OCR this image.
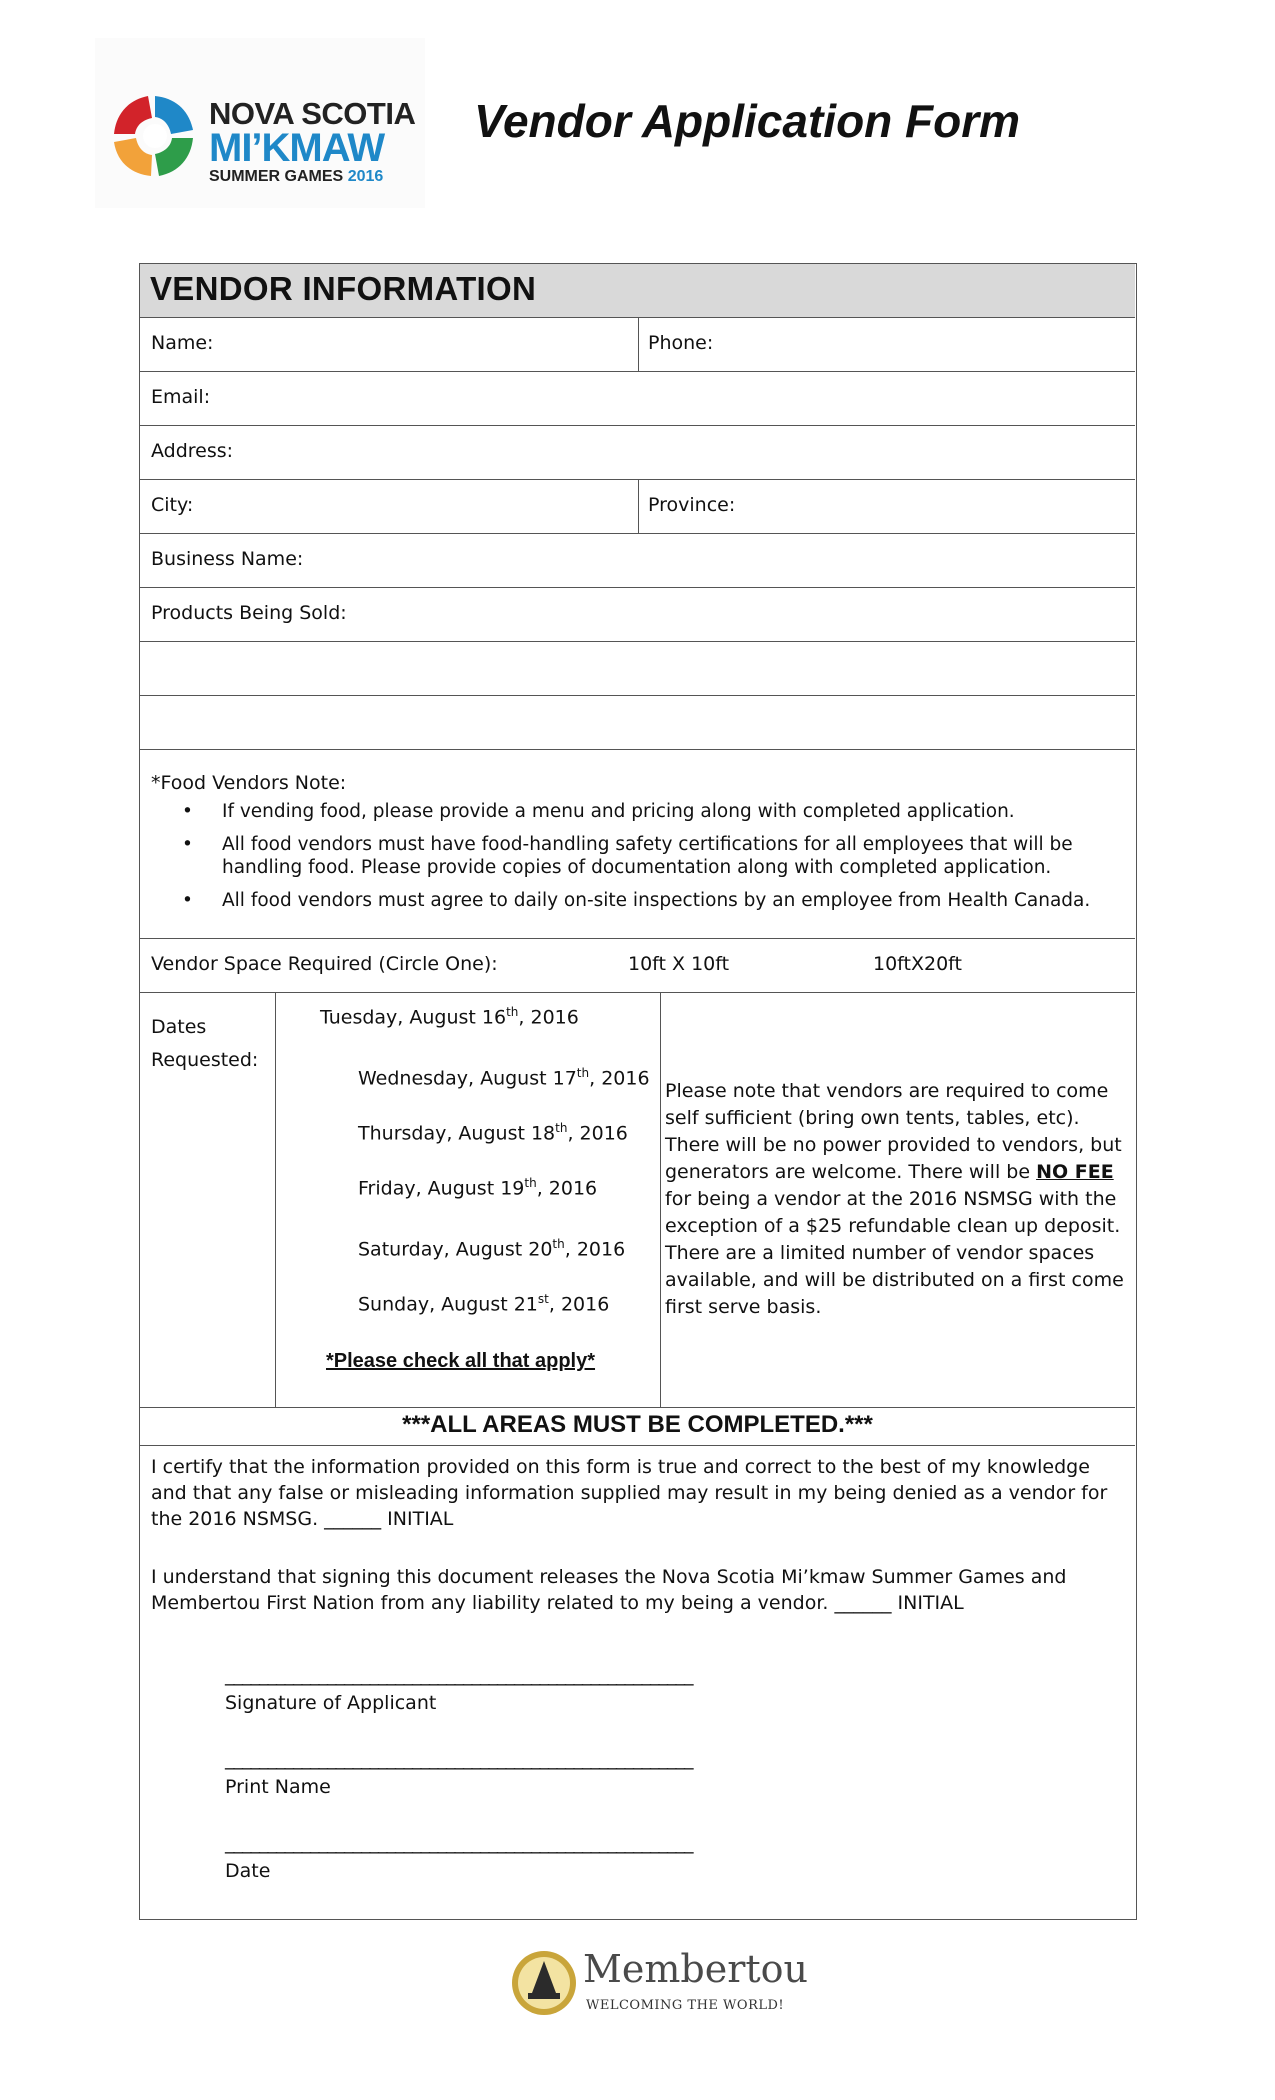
NOVA SCOTIA
MI’KMAW
SUMMER GAMES 2016
Vendor Application Form
VENDOR INFORMATION
Name:	Phone:
Email:
Address:
City:	Province:
Business Name:
Products Being Sold:
*Food Vendors Note:
• If vending food, please provide a menu and pricing along with completed application.
• All food vendors must have food-handling safety certifications for all employees that will be handling food. Please provide copies of documentation along with completed application.
• All food vendors must agree to daily on-site inspections by an employee from Health Canada.
Vendor Space Required (Circle One):	10ft X 10ft	10ftX20ft
Dates Requested:
Tuesday, August 16th, 2016
Wednesday, August 17th, 2016
Thursday, August 18th, 2016
Friday, August 19th, 2016
Saturday, August 20th, 2016
Sunday, August 21st, 2016
*Please check all that apply*
Please note that vendors are required to come self sufficient (bring own tents, tables, etc). There will be no power provided to vendors, but generators are welcome. There will be NO FEE for being a vendor at the 2016 NSMSG with the exception of a $25 refundable clean up deposit. There are a limited number of vendor spaces available, and will be distributed on a first come first serve basis.
***ALL AREAS MUST BE COMPLETED.***
I certify that the information provided on this form is true and correct to the best of my knowledge and that any false or misleading information supplied may result in my being denied as a vendor for the 2016 NSMSG. ______ INITIAL
I understand that signing this document releases the Nova Scotia Mi’kmaw Summer Games and Membertou First Nation from any liability related to my being a vendor. ______ INITIAL
_______________________________________________________
Signature of Applicant
_______________________________________________________
Print Name
_______________________________________________________
Date
Membertou
WELCOMING THE WORLD!
